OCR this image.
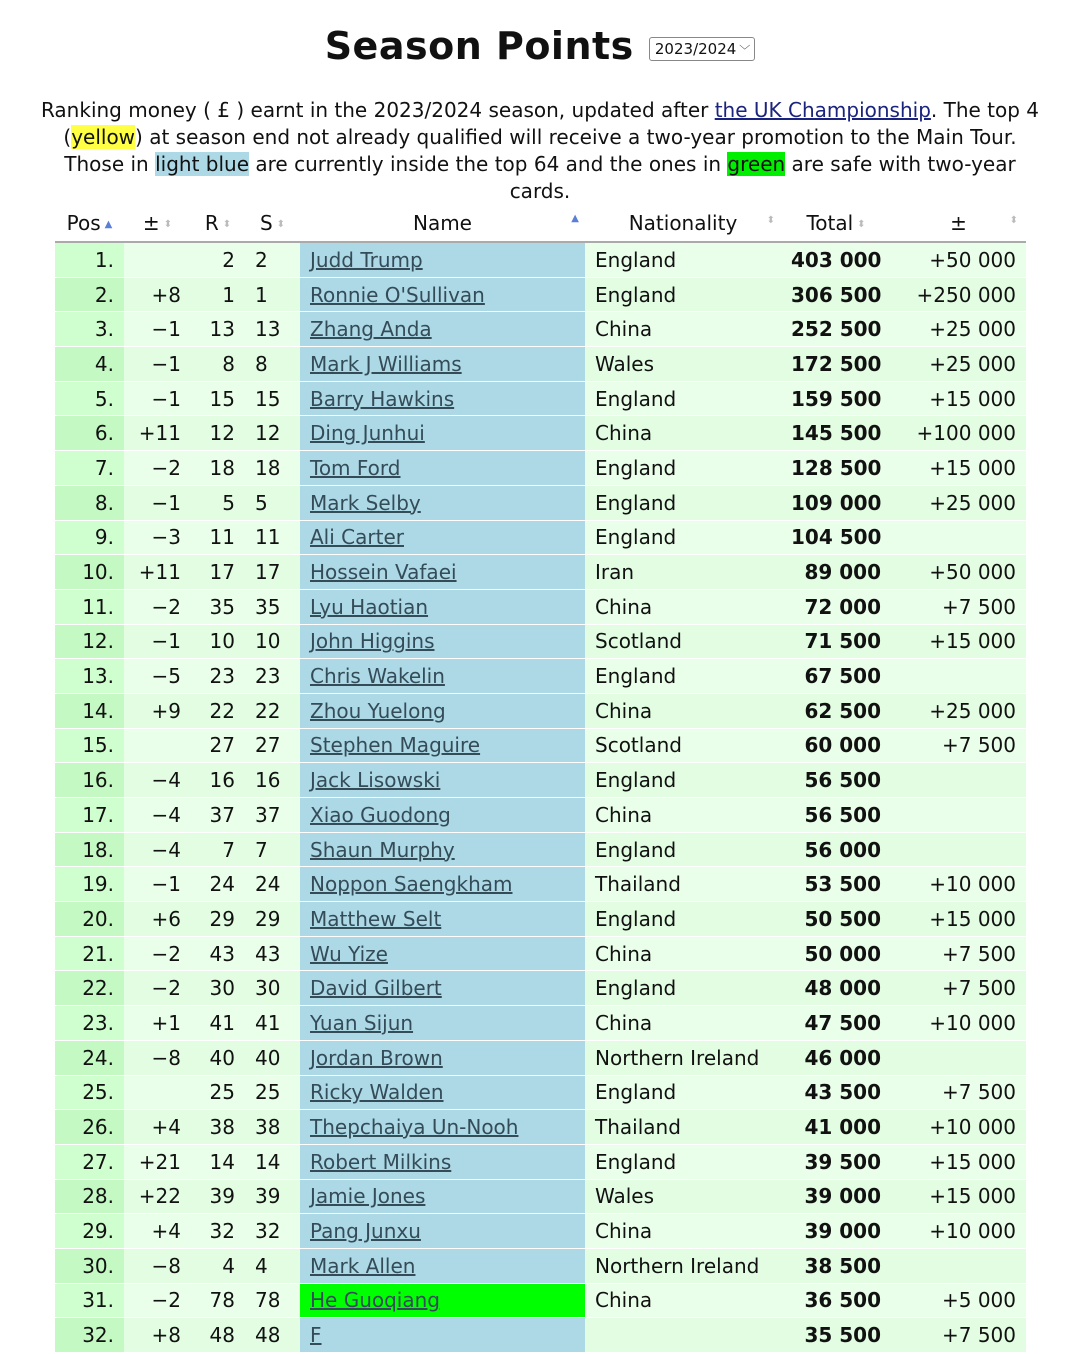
Season Points 2023/2024 ﹀
Ranking money ( £ ) earnt in the 2023/2024 season, updated after the UK Championship. The top 4 (yellow) at season end not already qualified will receive a two-year promotion to the Main Tour. Those in light blue are currently inside the top 64 and the ones in green are safe with two-year cards.
Pos ▲	± ⬍	R ⬍	S ⬍	Name ▲	Nationality ⬍	Total ⬍	± ⬍

1.		2	2	Judd Trump	England	403 000	+50 000
2.	+8	1	1	Ronnie O'Sullivan	England	306 500	+250 000
3.	−1	13	13	Zhang Anda	China	252 500	+25 000
4.	−1	8	8	Mark J Williams	Wales	172 500	+25 000
5.	−1	15	15	Barry Hawkins	England	159 500	+15 000
6.	+11	12	12	Ding Junhui	China	145 500	+100 000
7.	−2	18	18	Tom Ford	England	128 500	+15 000
8.	−1	5	5	Mark Selby	England	109 000	+25 000
9.	−3	11	11	Ali Carter	England	104 500	
10.	+11	17	17	Hossein Vafaei	Iran	89 000	+50 000
11.	−2	35	35	Lyu Haotian	China	72 000	+7 500
12.	−1	10	10	John Higgins	Scotland	71 500	+15 000
13.	−5	23	23	Chris Wakelin	England	67 500	
14.	+9	22	22	Zhou Yuelong	China	62 500	+25 000
15.		27	27	Stephen Maguire	Scotland	60 000	+7 500
16.	−4	16	16	Jack Lisowski	England	56 500	
17.	−4	37	37	Xiao Guodong	China	56 500	
18.	−4	7	7	Shaun Murphy	England	56 000	
19.	−1	24	24	Noppon Saengkham	Thailand	53 500	+10 000
20.	+6	29	29	Matthew Selt	England	50 500	+15 000
21.	−2	43	43	Wu Yize	China	50 000	+7 500
22.	−2	30	30	David Gilbert	England	48 000	+7 500
23.	+1	41	41	Yuan Sijun	China	47 500	+10 000
24.	−8	40	40	Jordan Brown	Northern Ireland	46 000	
25.		25	25	Ricky Walden	England	43 500	+7 500
26.	+4	38	38	Thepchaiya Un-Nooh	Thailand	41 000	+10 000
27.	+21	14	14	Robert Milkins	England	39 500	+15 000
28.	+22	39	39	Jamie Jones	Wales	39 000	+15 000
29.	+4	32	32	Pang Junxu	China	39 000	+10 000
30.	−8	4	4	Mark Allen	Northern Ireland	38 500	
31.	−2	78	78	He Guoqiang	China	36 500	+5 000
32.	+8	48	48	F		35 500	+7 500
